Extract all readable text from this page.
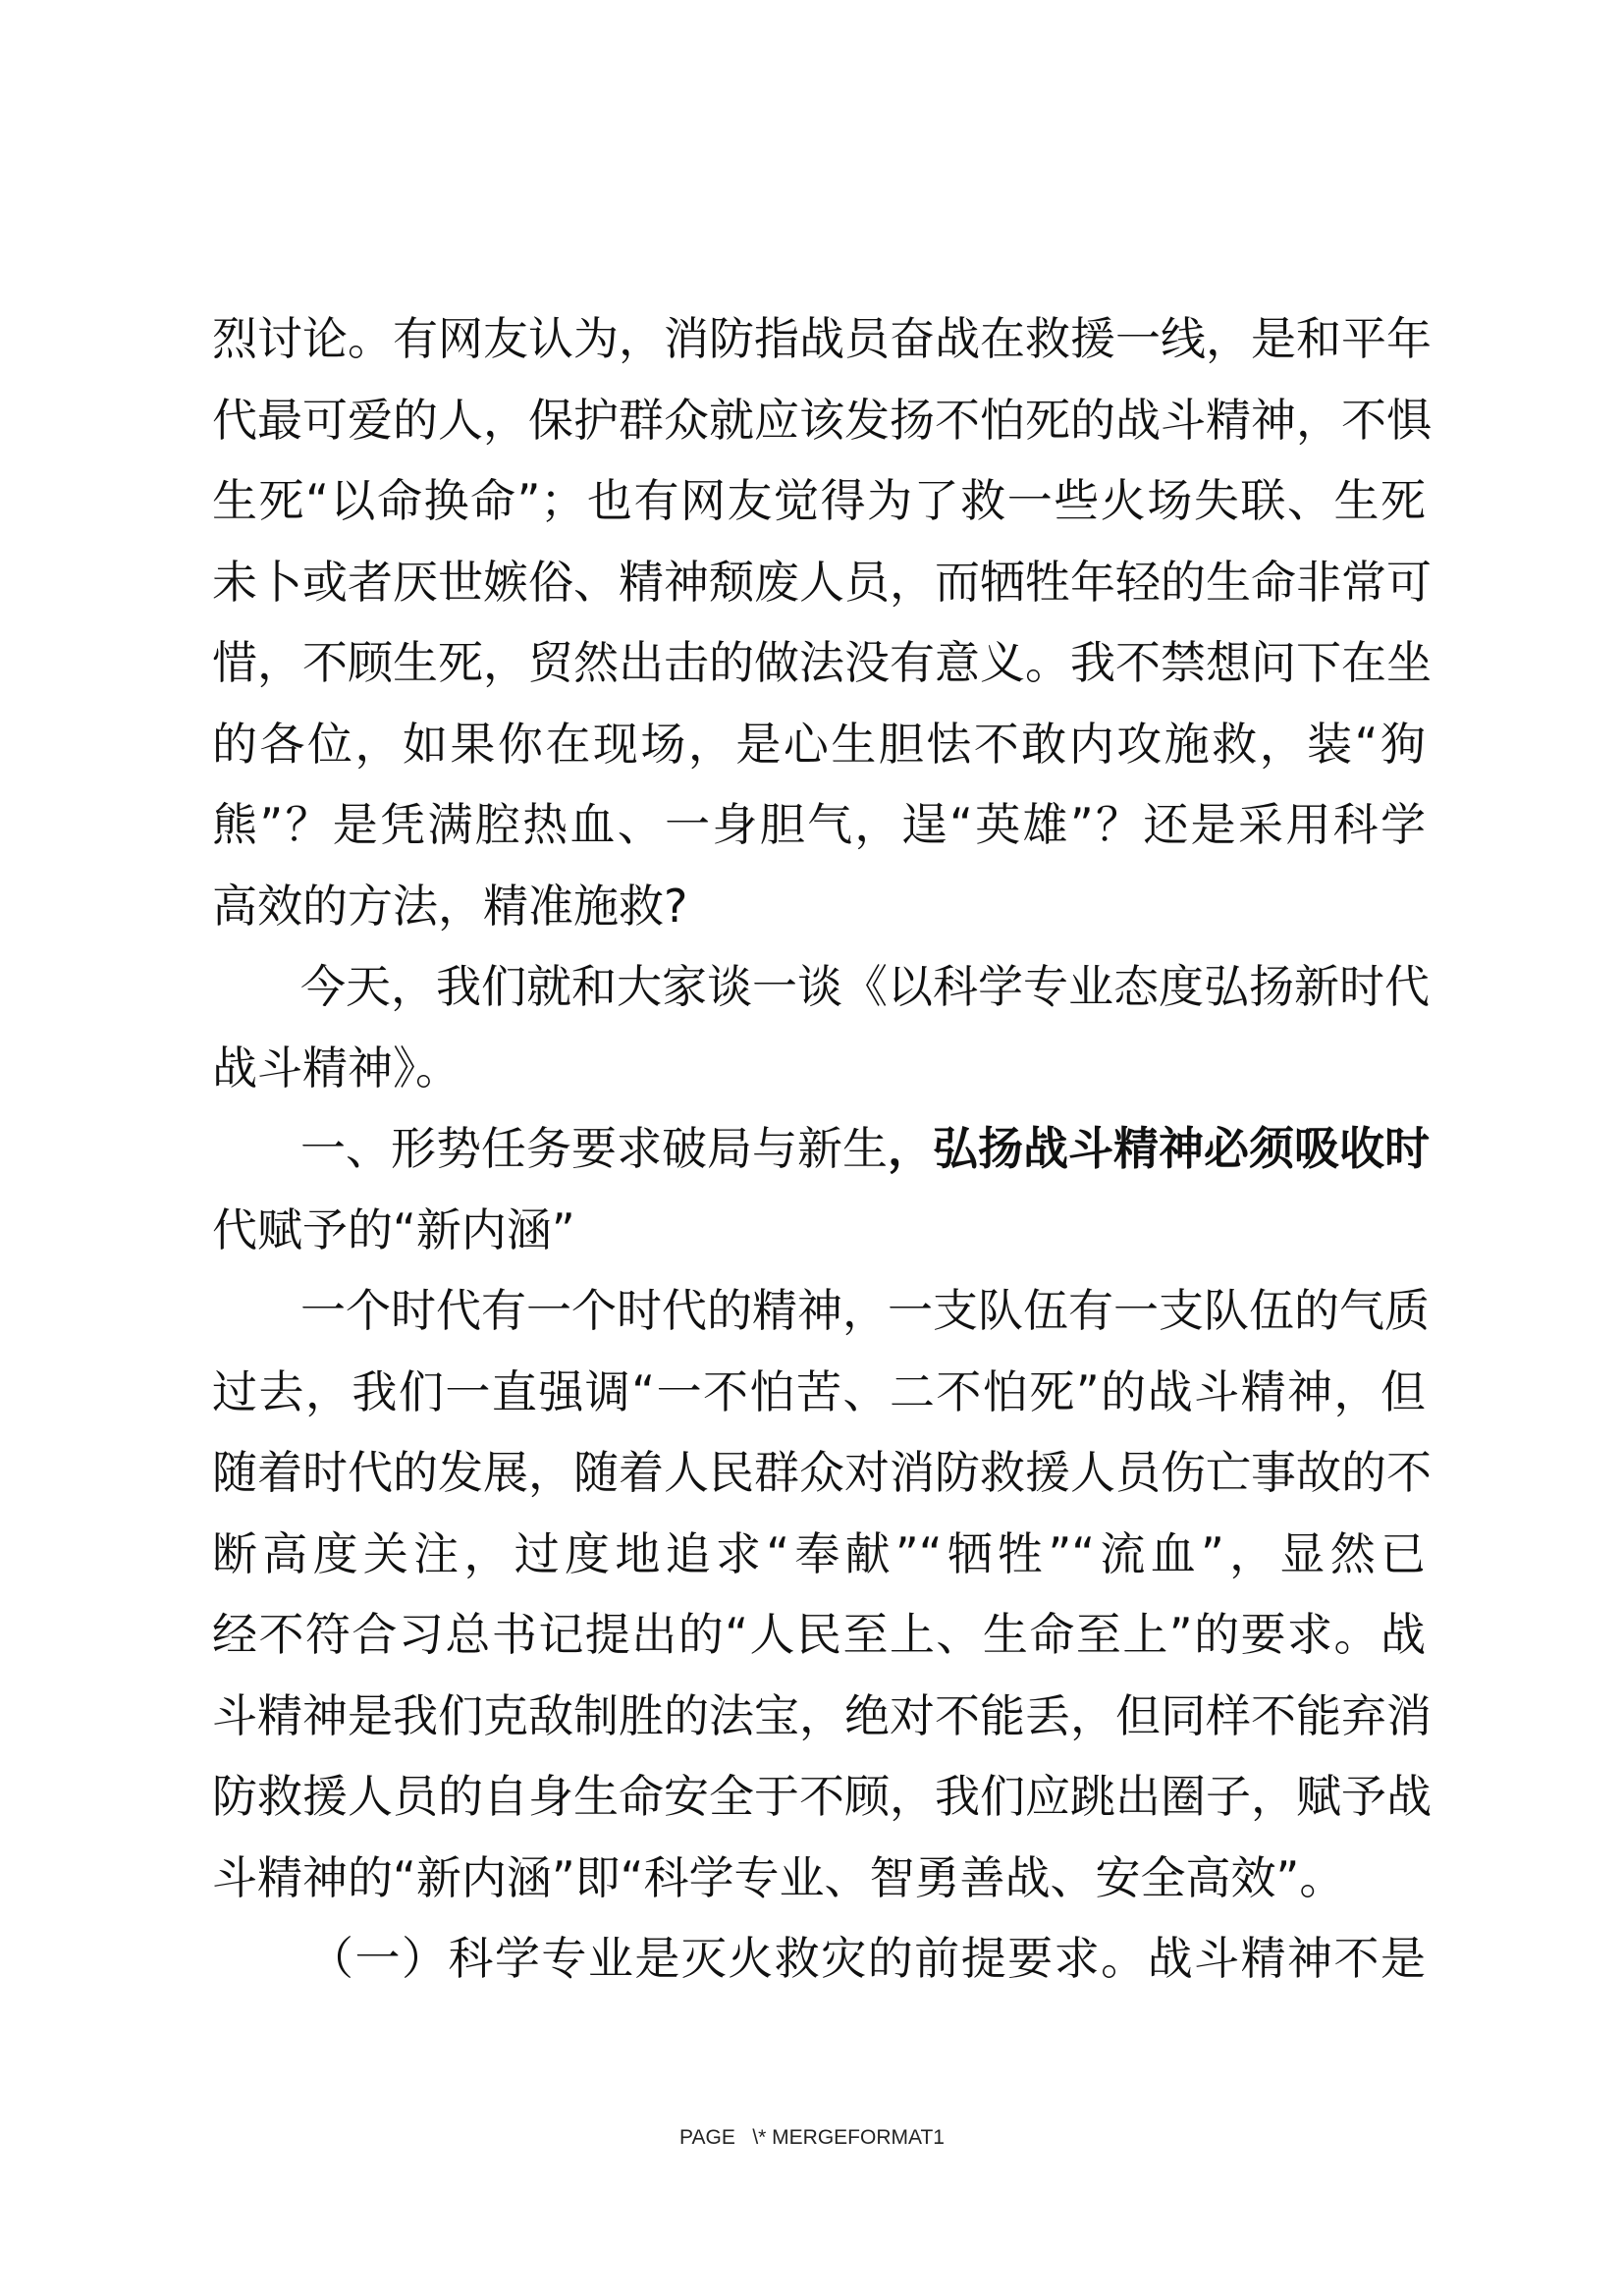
烈讨论。有网友认为，消防指战员奋战在救援一线，是和平年
代最可爱的人，保护群众就应该发扬不怕死的战斗精神，不惧
生死“以命换命”；也有网友觉得为了救一些火场失联、生死
未卜或者厌世嫉俗、精神颓废人员，而牺牲年轻的生命非常可
惜，不顾生死，贸然出击的做法没有意义。我不禁想问下在坐
的各位，如果你在现场，是心生胆怯不敢内攻施救，装“狗
熊”？是凭满腔热血、一身胆气，逞“英雄”？还是采用科学
高效的方法，精准施救?
今天，我们就和大家谈一谈《以科学专业态度弘扬新时代
战斗精神》。
一、形势任务要求破局与新生，弘扬战斗精神必须吸收时
代赋予的“新内涵”
一个时代有一个时代的精神，一支队伍有一支队伍的气质
过去，我们一直强调“一不怕苦、二不怕死”的战斗精神，但
随着时代的发展，随着人民群众对消防救援人员伤亡事故的不
断高度关注，过度地追求“奉献”“牺牲”“流血”，显然已
经不符合习总书记提出的“人民至上、生命至上”的要求。战
斗精神是我们克敌制胜的法宝，绝对不能丢，但同样不能弃消
防救援人员的自身生命安全于不顾，我们应跳出圈子，赋予战
斗精神的“新内涵”即“科学专业、智勇善战、安全高效”。
（一）科学专业是灭火救灾的前提要求。战斗精神不是
PAGE   \* MERGEFORMAT1
